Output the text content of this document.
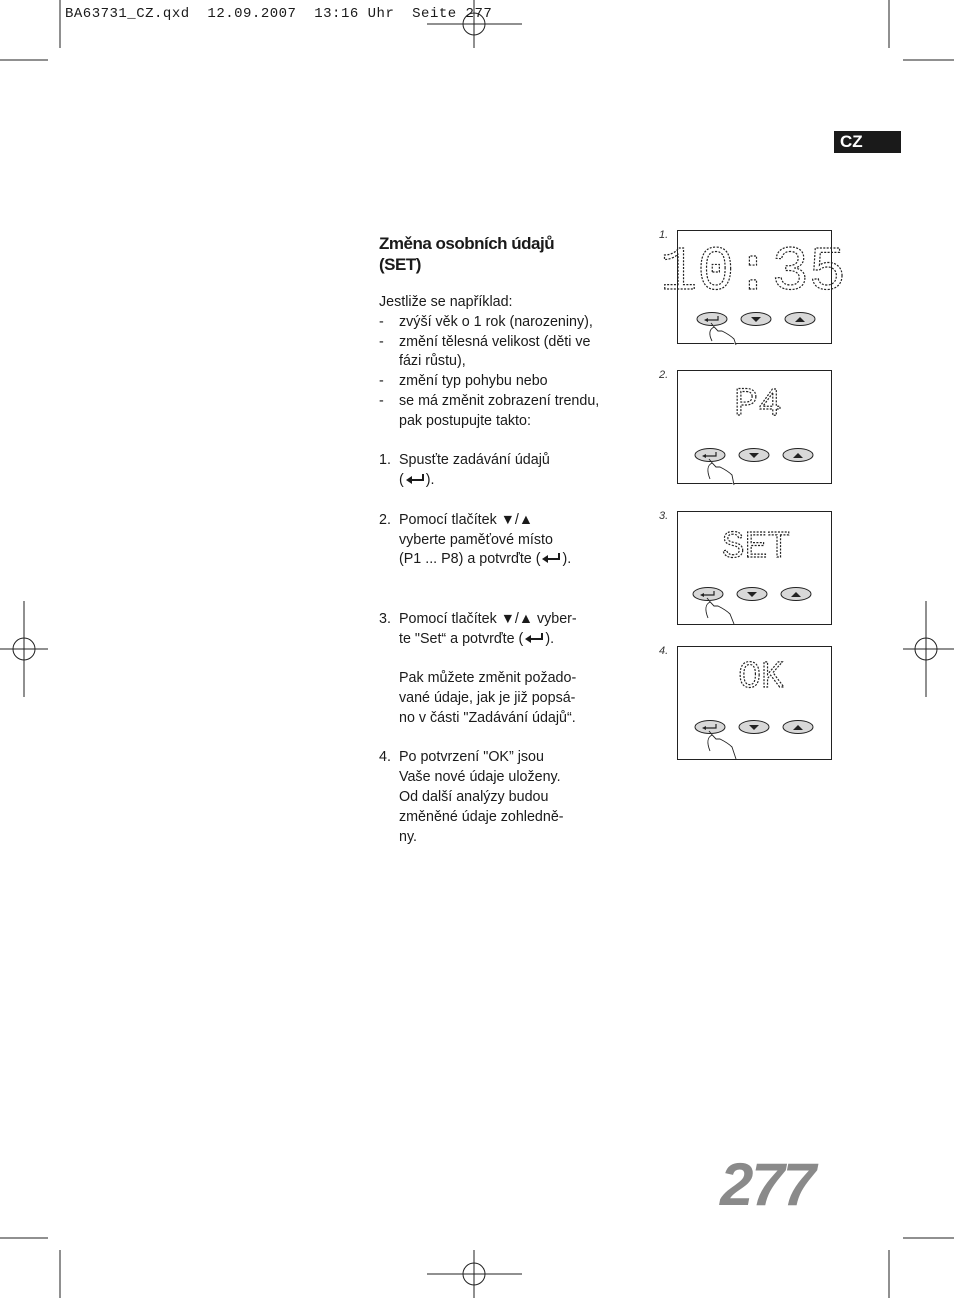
BA63731_CZ.qxd  12.09.2007  13:16 Uhr  Seite 277
CZ
Změna osobních údajů
(SET)

Jestliže se například:

- zvýší věk o 1 rok (narozeniny),
- změní tělesná velikost (děti ve fázi růstu),
- změní typ pohybu nebo
- se má změnit zobrazení trendu, pak postupujte takto:
1. Spusťte zadávání údajů
( ).
2. Pomocí tlačítek ▼/▲
vyberte paměťové místo
(P1 ... P8) a potvrďte ( ).
3. Pomocí tlačítek ▼/▲ vyber-
te "Set“ a potvrďte ( ).
Pak můžete změnit požado-
vané údaje, jak je již popsá-
no v části "Zadávání údajů“.
4. Po potvrzení "OK” jsou
Vaše nové údaje uloženy.
Od další analýzy budou
změněné údaje zohledně-
ny.
1.
10:35
2.
P4
3.
SET
4.
OK
277
